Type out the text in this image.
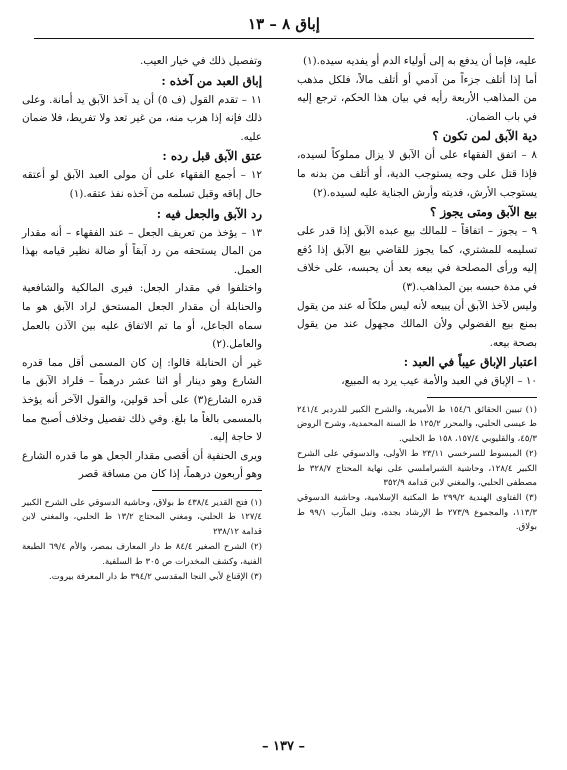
إباق ٨ – ١٣

عليه، فإما أن يدفع به إلى أولياء الدم أو يفديه سيده.(١)

أما إذا أتلف جزءاً من آدمي أو أتلف مالاً، فلكل مذهب من المذاهب الأربعة رأيه في بيان هذا الحكم، ترجع إليه في باب الضمان.

دية الآبق لمن تكون ؟

٨ – اتفق الفقهاء على أن الآبق لا يزال مملوكاً لسيده، فإذا قتل على وجه يستوجب الدية، أو أتلف من بدنه ما يستوجب الأرش، فديته وأرش الجناية عليه لسيده.(٢)

بيع الآبق ومتى يجوز ؟

٩ – يجوز – اتفاقاً – للمالك بيع عبده الآبق إذا قدر على تسليمه للمشتري، كما يجوز للقاضي بيع الآبق إذا دُفع إليه ورأى المصلحة في بيعه بعد أن يحبسه، على خلاف في مدة حبسه بين المذاهب.(٣)

وليس لآخذ الآبق أن يبيعه لأنه ليس ملكاً له عند من يقول بمنع بيع الفضولي ولأن المالك مجهول عند من يقول بصحة بيعه.

اعتبار الإباق عيباً في العبد :

١٠ – الإباق في العبد والأمة عيب يرد به المبيع،

(١) تبيين الحقائق ١٥٤/٦ ط الأميرية، والشرح الكبير للدردير ٢٤١/٤ ط عيسى الحلبي، والمحرر ١٢٥/٢ ط السنة المحمدية، وشرح الروض ٤٥/٣، والقليوبي ١٥٧/٤، ١٥٨ ط الحلبي.

(٢) المبسوط للسرخسي ٢٣/١١ ط الأولى، والدسوقي على الشرح الكبير ١٢٨/٤، وحاشية الشبراملسي على نهاية المحتاج ٣٢٨/٧ ط مصطفى الحلبي، والمغني لابن قدامة ٣٥٢/٩

(٣) الفتاوى الهندية ٢٩٩/٢ ط المكتبة الإسلامية، وحاشية الدسوقي ١١٣/٣، والمجموع ٢٧٣/٩ ط الإرشاد بجدة، ونيل المآرب ٩٩/١ ط بولاق.

وتفصيل ذلك في خيار العيب.

إباق العبد من آخذه :

١١ – تقدم القول (ف ٥) أن يد آخذ الآبق يد أمانة. وعلى ذلك فإنه إذا هرب منه، من غير تعد ولا تفريط، فلا ضمان عليه.

عتق الآبق قبل رده :

١٢ – أجمع الفقهاء على أن مولى العبد الآبق لو أعتقه حال إباقه وقبل تسلمه من آخذه نفذ عتقه.(١)

رد الآبق والجعل فيه :

١٣ – يؤخذ من تعريف الجعل – عند الفقهاء – أنه مقدار من المال يستحقه من رد آبقاً أو ضالة نظير قيامه بهذا العمل.

واختلفوا في مقدار الجعل: فيرى المالكية والشافعية والحنابلة أن مقدار الجعل المستحق لراد الآبق هو ما سماه الجاعل، أو ما تم الاتفاق عليه بين الآذن بالعمل والعامل.(٢)

غير أن الحنابلة قالوا: إن كان المسمى أقل مما قدره الشارع وهو دينار أو اثنا عشر درهماً – فلراد الآبق ما قدره الشارع(٣) على أحد قولين، والقول الآخر أنه يؤخذ بالمسمى بالغاً ما بلغ. وفي ذلك تفصيل وخلاف أصبح مما لا حاجة إليه.

ويرى الحنفية أن أقصى مقدار الجعل هو ما قدره الشارع وهو أربعون درهماً، إذا كان من مسافة قصر

(١) فتح القدير ٤٣٨/٤ ط بولاق، وحاشية الدسوقي على الشرح الكبير ١٢٧/٤ ط الحلبي، ومغني المحتاج ١٣/٢ ط الحلبي، والمغني لابن قدامة ٢٣٨/١٢

(٢) الشرح الصغير ٨٤/٤ ط دار المعارف بمصر، والأم ٦٩/٤ الطبعة الفنية، وكشف المخدرات ص ٣٠٥ ط السلفية.

(٣) الإقناع لأبي النجا المقدسي ٣٩٤/٢ ط دار المعرفة بيروت.

– ١٣٧ –
